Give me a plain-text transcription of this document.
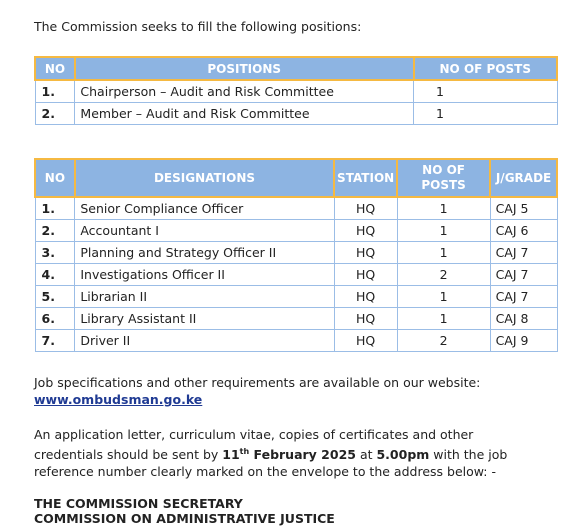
The Commission seeks to fill the following positions:
NO	POSITIONS	NO OF POSTS
1.	Chairperson – Audit and Risk Committee	1
2.	Member – Audit and Risk Committee	1
NO	DESIGNATIONS	STATION	NO OF POSTS	J/GRADE
1.	Senior Compliance Officer	HQ	1	CAJ 5
2.	Accountant I	HQ	1	CAJ 6
3.	Planning and Strategy Officer II	HQ	1	CAJ 7
4.	Investigations Officer II	HQ	2	CAJ 7
5.	Librarian II	HQ	1	CAJ 7
6.	Library Assistant II	HQ	1	CAJ 8
7.	Driver II	HQ	2	CAJ 9
Job specifications and other requirements are available on our website:
www.ombudsman.go.ke
An application letter, curriculum vitae, copies of certificates and other credentials should be sent by 11th February 2025 at 5.00pm with the job reference number clearly marked on the envelope to the address below: -
THE COMMISSION SECRETARY
COMMISSION ON ADMINISTRATIVE JUSTICE
